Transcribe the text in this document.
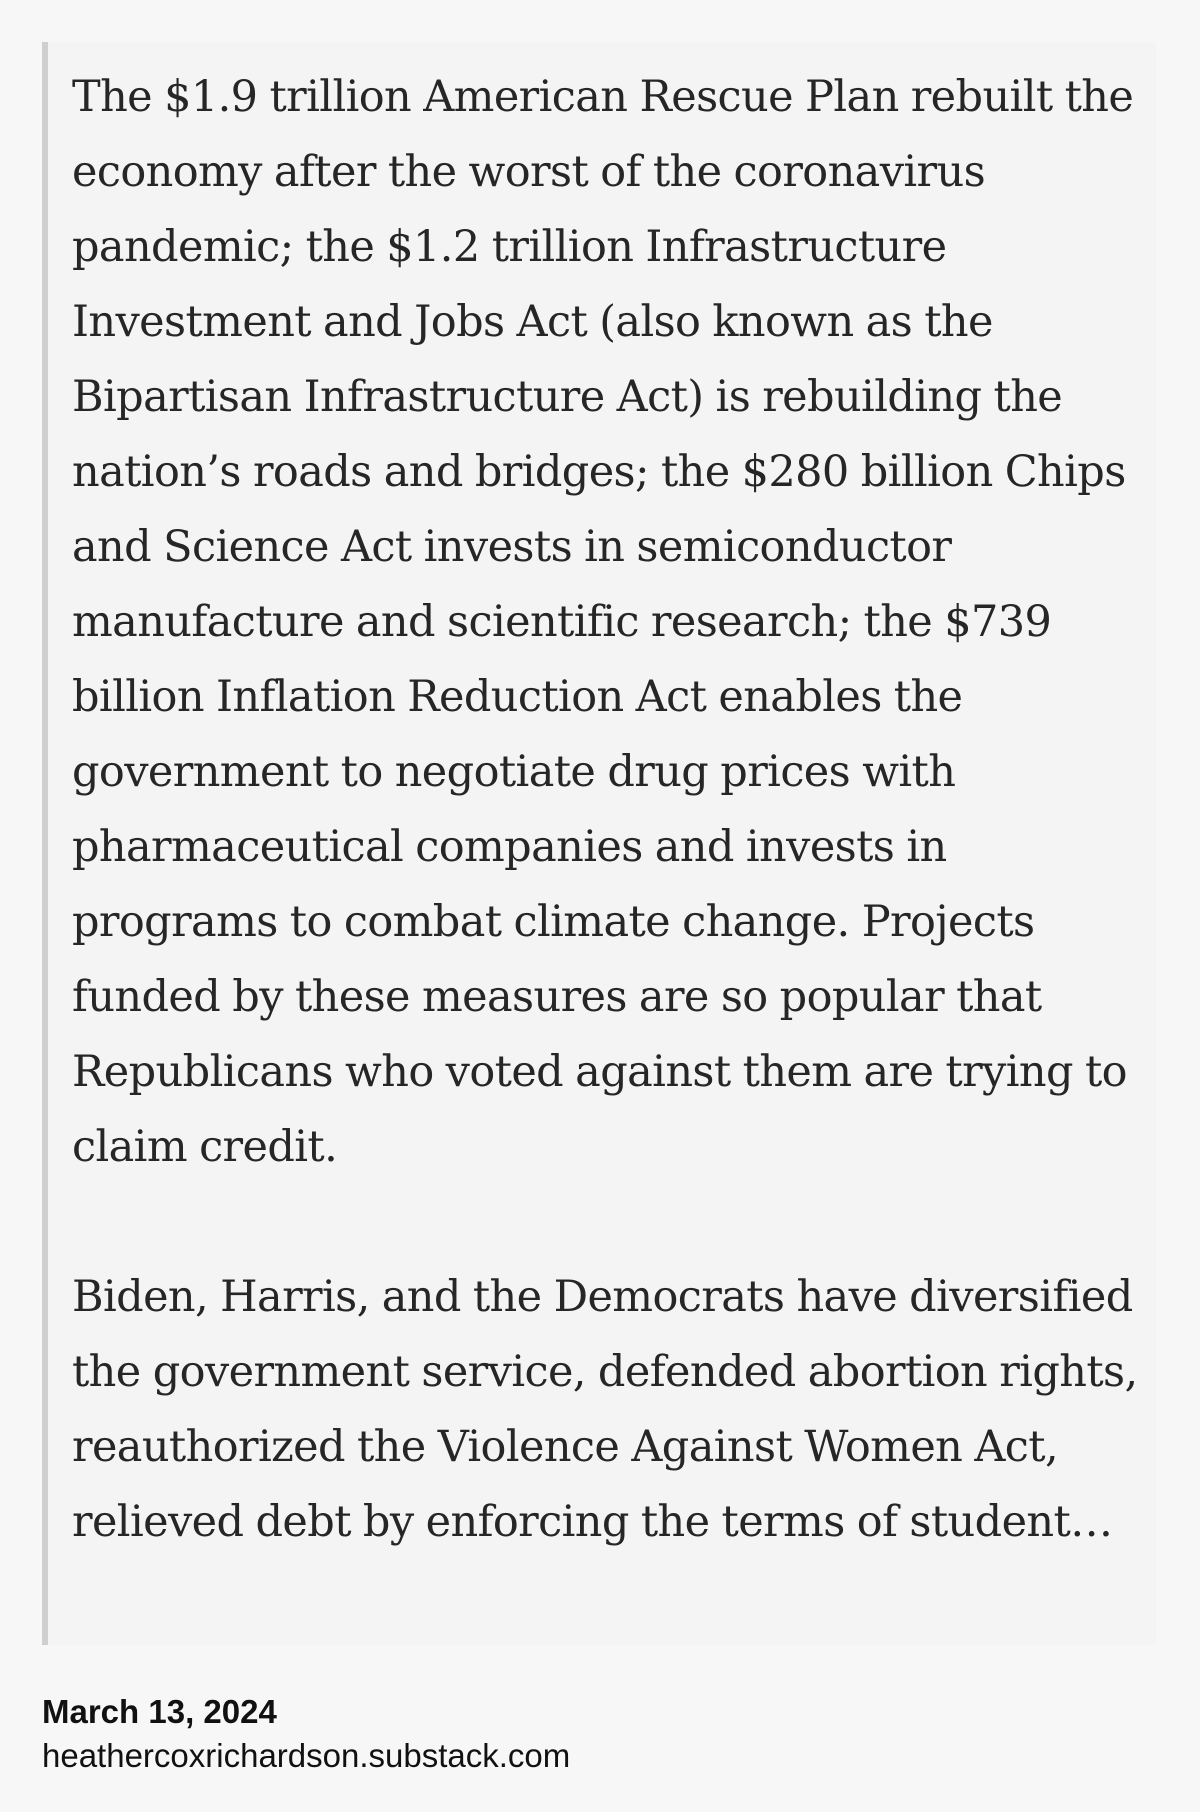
The $1.9 trillion American Rescue Plan rebuilt the economy after the worst of the coronavirus pandemic; the $1.2 trillion Infrastructure Investment and Jobs Act (also known as the Bipartisan Infrastructure Act) is rebuilding the nation’s roads and bridges; the $280 billion Chips and Science Act invests in semiconductor manufacture and scientific research; the $739 billion Inflation Reduction Act enables the government to negotiate drug prices with pharmaceutical companies and invests in programs to combat climate change. Projects funded by these measures are so popular that Republicans who voted against them are trying to claim credit.

Biden, Harris, and the Democrats have diversified the government service, defended abortion rights, reauthorized the Violence Against Women Act, relieved debt by enforcing the terms of student…

March 13, 2024

heathercoxrichardson.substack.com
